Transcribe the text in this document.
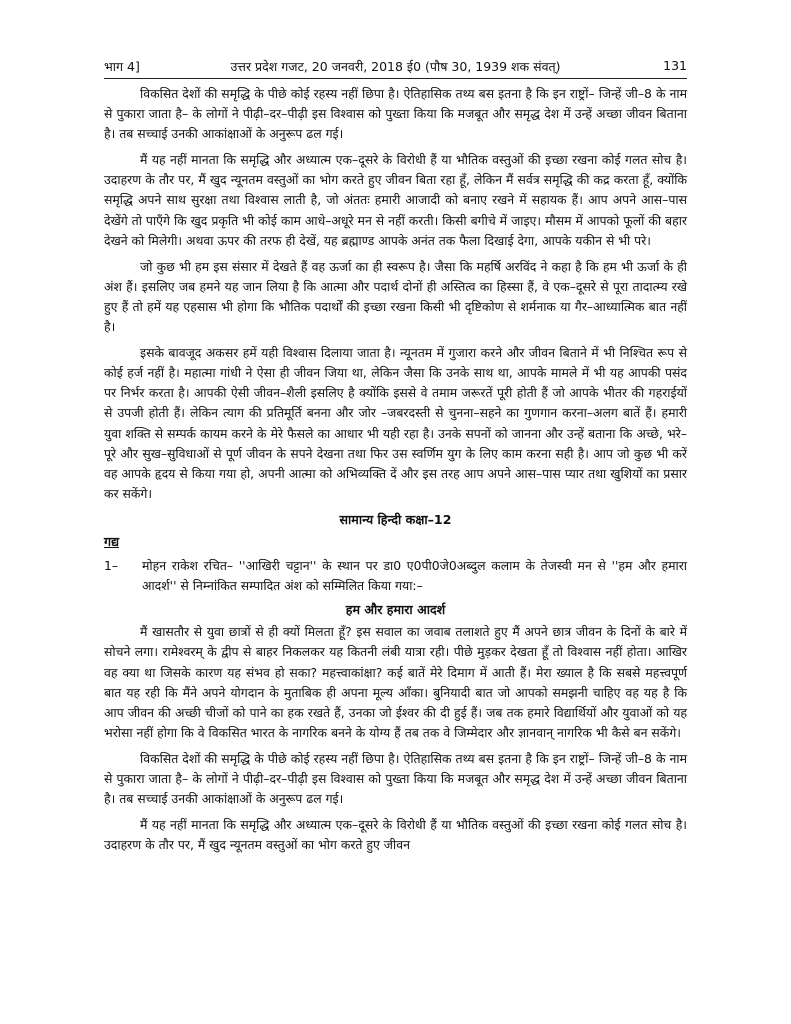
भाग 4]	उत्तर प्रदेश गजट, 20 जनवरी, 2018 ई0 (पौष 30, 1939 शक संवत्)	131

विकसित देशों की समृद्धि के पीछे कोई रहस्य नहीं छिपा है। ऐतिहासिक तथ्य बस इतना है कि इन राष्ट्रों– जिन्हें जी–8 के नाम से पुकारा जाता है– के लोगों ने पीढ़ी–दर–पीढ़ी इस विश्वास को पुख्ता किया कि मजबूत और समृद्ध देश में उन्हें अच्छा जीवन बिताना है। तब सच्चाई उनकी आकांक्षाओं के अनुरूप ढल गई।

मैं यह नहीं मानता कि समृद्धि और अध्यात्म एक–दूसरे के विरोधी हैं या भौतिक वस्तुओं की इच्छा रखना कोई गलत सोच है। उदाहरण के तौर पर, मैं खुद न्यूनतम वस्तुओं का भोग करते हुए जीवन बिता रहा हूँ, लेकिन मैं सर्वत्र समृद्धि की कद्र करता हूँ, क्योंकि समृद्धि अपने साथ सुरक्षा तथा विश्वास लाती है, जो अंततः हमारी आजादी को बनाए रखने में सहायक हैं। आप अपने आस–पास देखेंगे तो पाएँगे कि खुद प्रकृति भी कोई काम आधे–अधूरे मन से नहीं करती। किसी बगीचे में जाइए। मौसम में आपको फूलों की बहार देखने को मिलेगी। अथवा ऊपर की तरफ ही देखें, यह ब्रह्माण्ड आपके अनंत तक फैला दिखाई देगा, आपके यकीन से भी परे।

जो कुछ भी हम इस संसार में देखते हैं वह ऊर्जा का ही स्वरूप है। जैसा कि महर्षि अरविंद ने कहा है कि हम भी ऊर्जा के ही अंश हैं। इसलिए जब हमने यह जान लिया है कि आत्मा और पदार्थ दोनों ही अस्तित्व का हिस्सा हैं, वे एक–दूसरे से पूरा तादात्म्य रखे हुए हैं तो हमें यह एहसास भी होगा कि भौतिक पदार्थों की इच्छा रखना किसी भी दृष्टिकोण से शर्मनाक या गैर–आध्यात्मिक बात नहीं है।

इसके बावजूद अकसर हमें यही विश्वास दिलाया जाता है। न्यूनतम में गुजारा करने और जीवन बिताने में भी निश्चित रूप से कोई हर्ज नहीं है। महात्मा गांधी ने ऐसा ही जीवन जिया था, लेकिन जैसा कि उनके साथ था, आपके मामले में भी यह आपकी पसंद पर निर्भर करता है। आपकी ऐसी जीवन–शैली इसलिए है क्योंकि इससे वे तमाम जरूरतें पूरी होती हैं जो आपके भीतर की गहराईयों से उपजी होती हैं। लेकिन त्याग की प्रतिमूर्ति बनना और जोर –जबरदस्ती से चुनना–सहने का गुणगान करना–अलग बातें हैं। हमारी युवा शक्ति से सम्पर्क कायम करने के मेरे फैसले का आधार भी यही रहा है। उनके सपनों को जानना और उन्हें बताना कि अच्छे, भरे–पूरे और सुख–सुविधाओं से पूर्ण जीवन के सपने देखना तथा फिर उस स्वर्णिम युग के लिए काम करना सही है। आप जो कुछ भी करें वह आपके हृदय से किया गया हो, अपनी आत्मा को अभिव्यक्ति दें और इस तरह आप अपने आस–पास प्यार तथा खुशियों का प्रसार कर सकेंगे।

सामान्य हिन्दी कक्षा–12
गद्य
1– मोहन राकेश रचित– ''आखिरी चट्टान'' के स्थान पर डा0 ए0पी0जे0अब्दुल कलाम के तेजस्वी मन से ''हम और हमारा आदर्श'' से निम्नांकित सम्पादित अंश को सम्मिलित किया गया:–
हम और हमारा आदर्श

मैं खासतौर से युवा छात्रों से ही क्यों मिलता हूँ? इस सवाल का जवाब तलाशते हुए मैं अपने छात्र जीवन के दिनों के बारे में सोचने लगा। रामेश्वरम् के द्वीप से बाहर निकलकर यह कितनी लंबी यात्रा रही। पीछे मुड़कर देखता हूँ तो विश्वास नहीं होता। आखिर वह क्या था जिसके कारण यह संभव हो सका? महत्त्वाकांक्षा? कई बातें मेरे दिमाग में आती हैं। मेरा ख्याल है कि सबसे महत्त्वपूर्ण बात यह रही कि मैंने अपने योगदान के मुताबिक ही अपना मूल्य आँका। बुनियादी बात जो आपको समझनी चाहिए वह यह है कि आप जीवन की अच्छी चीजों को पाने का हक रखते हैं, उनका जो ईश्वर की दी हुई हैं। जब तक हमारे विद्यार्थियों और युवाओं को यह भरोसा नहीं होगा कि वे विकसित भारत के नागरिक बनने के योग्य हैं तब तक वे जिम्मेदार और ज्ञानवान् नागरिक भी कैसे बन सकेंगे।

विकसित देशों की समृद्धि के पीछे कोई रहस्य नहीं छिपा है। ऐतिहासिक तथ्य बस इतना है कि इन राष्ट्रों– जिन्हें जी–8 के नाम से पुकारा जाता है– के लोगों ने पीढ़ी–दर–पीढ़ी इस विश्वास को पुख्ता किया कि मजबूत और समृद्ध देश में उन्हें अच्छा जीवन बिताना है। तब सच्चाई उनकी आकांक्षाओं के अनुरूप ढल गई।

मैं यह नहीं मानता कि समृद्धि और अध्यात्म एक–दूसरे के विरोधी हैं या भौतिक वस्तुओं की इच्छा रखना कोई गलत सोच है। उदाहरण के तौर पर, मैं खुद न्यूनतम वस्तुओं का भोग करते हुए जीवन
